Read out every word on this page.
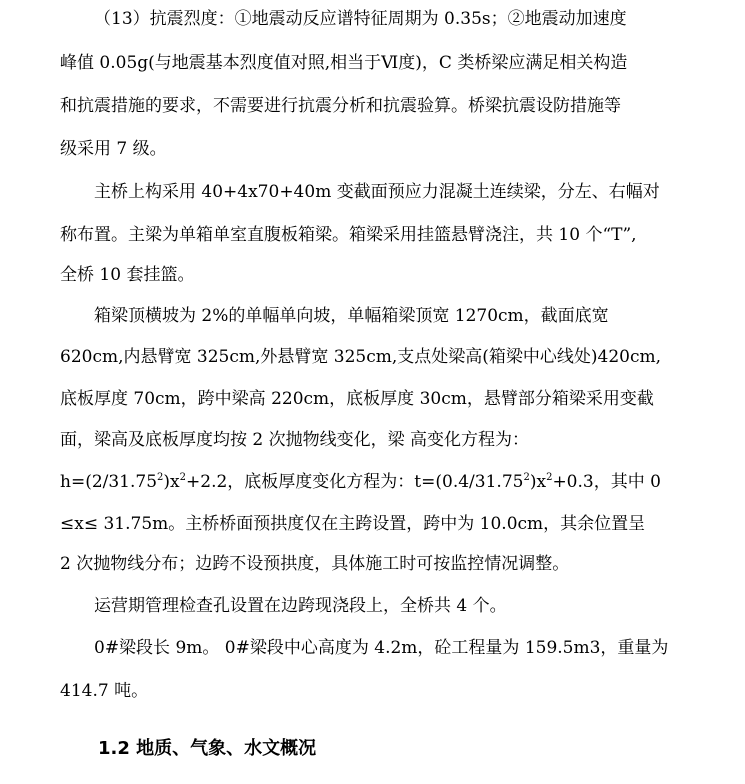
（13）抗震烈度：①地震动反应谱特征周期为 0.35s；②地震动加速度
峰值 0.05g(与地震基本烈度值对照,相当于Ⅵ度)，C 类桥梁应满足相关构造
和抗震措施的要求，不需要进行抗震分析和抗震验算。桥梁抗震设防措施等
级采用 7 级。
主桥上构采用 40+4x70+40m 变截面预应力混凝土连续梁，分左、右幅对
称布置。主梁为单箱单室直腹板箱梁。箱梁采用挂篮悬臂浇注，共 10 个“T”,
全桥 10 套挂篮。
箱梁顶横坡为 2%的单幅单向坡，单幅箱梁顶宽 1270cm，截面底宽
620cm,内悬臂宽 325cm,外悬臂宽 325cm,支点处梁高(箱梁中心线处)420cm,
底板厚度 70cm，跨中梁高 220cm，底板厚度 30cm，悬臂部分箱梁采用变截
面，梁高及底板厚度均按 2 次抛物线变化，梁 高变化方程为：
$h=(2/31.75^2)x^2+2.2$，底板厚度变化方程为：$t=(0.4/31.75^2)x^2+0.3$，其中 0
≤x≤ 31.75m。主桥桥面预拱度仅在主跨设置，跨中为 10.0cm，其余位置呈
2 次抛物线分布；边跨不设预拱度，具体施工时可按监控情况调整。
运营期管理检查孔设置在边跨现浇段上，全桥共 4 个。
0#梁段长 9m。 0#梁段中心高度为 4.2m，砼工程量为 159.5m3，重量为
414.7 吨。
1.2 地质、气象、水文概况
